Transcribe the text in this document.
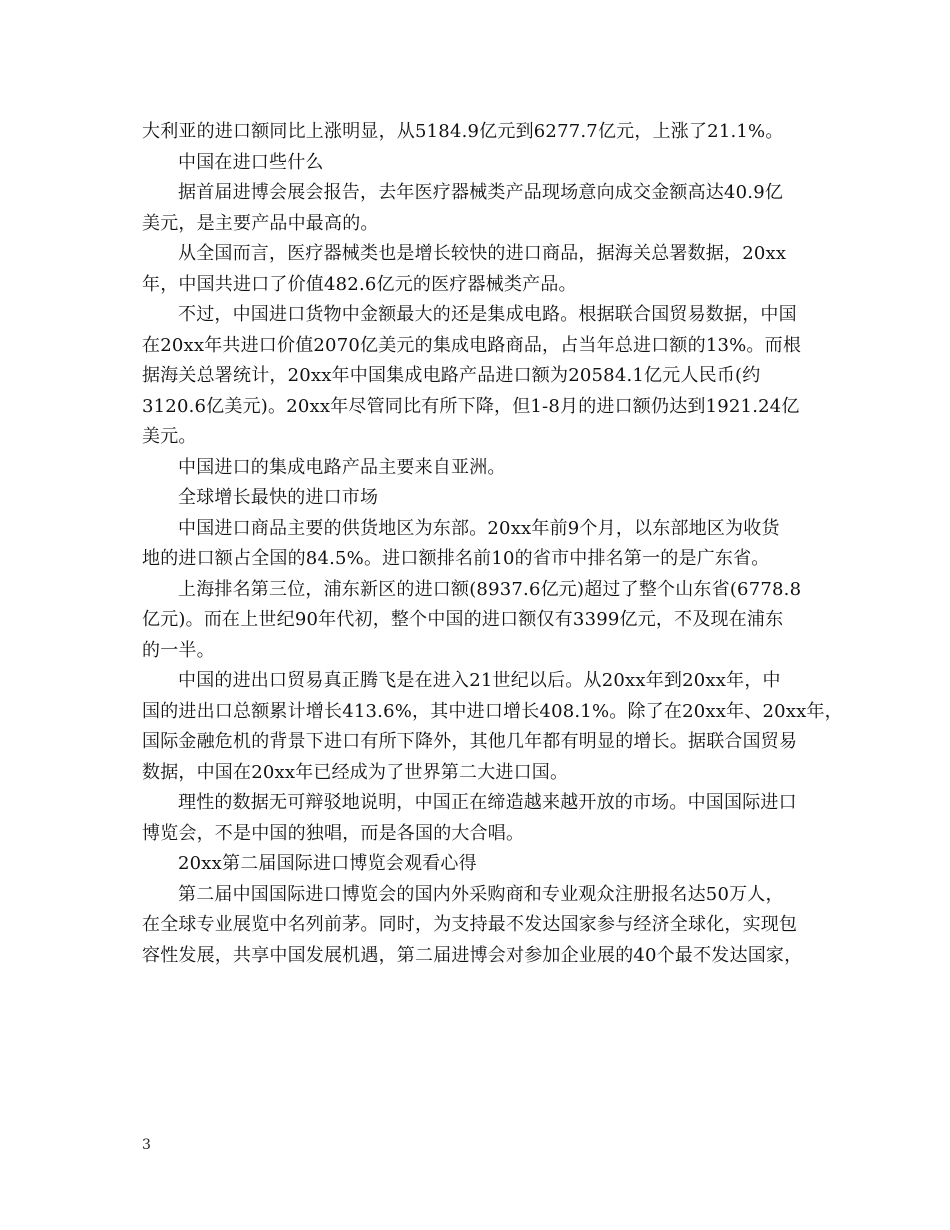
大利亚的进口额同比上涨明显，从5184.9亿元到6277.7亿元，上涨了21.1%。
中国在进口些什么
据首届进博会展会报告，去年医疗器械类产品现场意向成交金额高达40.9亿
美元，是主要产品中最高的。
从全国而言，医疗器械类也是增长较快的进口商品，据海关总署数据，20xx
年，中国共进口了价值482.6亿元的医疗器械类产品。
不过，中国进口货物中金额最大的还是集成电路。根据联合国贸易数据，中国
在20xx年共进口价值2070亿美元的集成电路商品，占当年总进口额的13%。而根
据海关总署统计，20xx年中国集成电路产品进口额为20584.1亿元人民币(约
3120.6亿美元)。20xx年尽管同比有所下降，但1-8月的进口额仍达到1921.24亿
美元。
中国进口的集成电路产品主要来自亚洲。
全球增长最快的进口市场
中国进口商品主要的供货地区为东部。20xx年前9个月，以东部地区为收货
地的进口额占全国的84.5%。进口额排名前10的省市中排名第一的是广东省。
上海排名第三位，浦东新区的进口额(8937.6亿元)超过了整个山东省(6778.8
亿元)。而在上世纪90年代初，整个中国的进口额仅有3399亿元，不及现在浦东
的一半。
中国的进出口贸易真正腾飞是在进入21世纪以后。从20xx年到20xx年，中
国的进出口总额累计增长413.6%，其中进口增长408.1%。除了在20xx年、20xx年，
国际金融危机的背景下进口有所下降外，其他几年都有明显的增长。据联合国贸易
数据，中国在20xx年已经成为了世界第二大进口国。
理性的数据无可辩驳地说明，中国正在缔造越来越开放的市场。中国国际进口
博览会，不是中国的独唱，而是各国的大合唱。
20xx第二届国际进口博览会观看心得
第二届中国国际进口博览会的国内外采购商和专业观众注册报名达50万人，
在全球专业展览中名列前茅。同时，为支持最不发达国家参与经济全球化，实现包
容性发展，共享中国发展机遇，第二届进博会对参加企业展的40个最不发达国家，
3
